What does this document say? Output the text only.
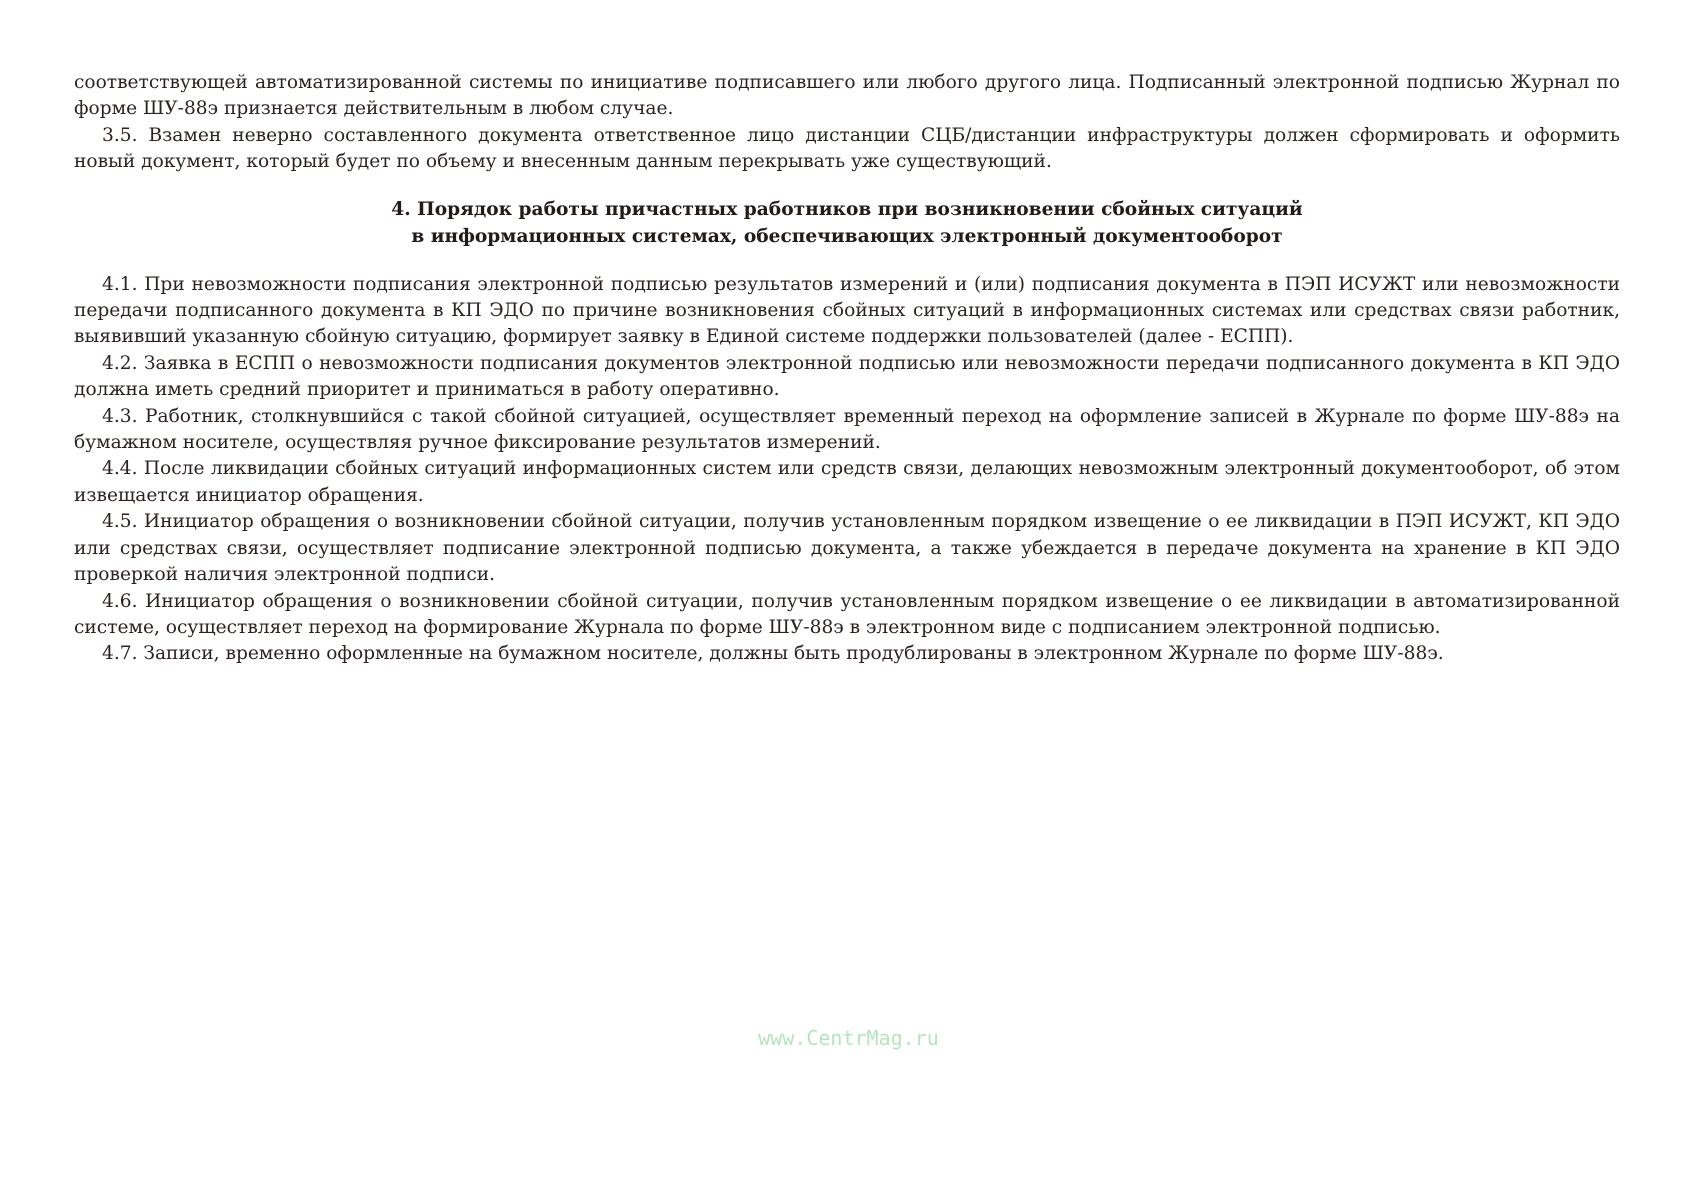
соответствующей автоматизированной системы по инициативе подписавшего или любого другого лица. Подписанный электронной подписью Журнал по форме ШУ-88э признается действительным в любом случае.

3.5. Взамен неверно составленного документа ответственное лицо дистанции СЦБ/дистанции инфраструктуры должен сформировать и оформить новый документ, который будет по объему и внесенным данным перекрывать уже существующий.

4. Порядок работы причастных работников при возникновении сбойных ситуаций
в информационных системах, обеспечивающих электронный документооборот

4.1. При невозможности подписания электронной подписью результатов измерений и (или) подписания документа в ПЭП ИСУЖТ или невозможности передачи подписанного документа в КП ЭДО по причине возникновения сбойных ситуаций в информационных системах или средствах связи работник, выявивший указанную сбойную ситуацию, формирует заявку в Единой системе поддержки пользователей (далее - ЕСПП).

4.2. Заявка в ЕСПП о невозможности подписания документов электронной подписью или невозможности передачи подписанного документа в КП ЭДО должна иметь средний приоритет и приниматься в работу оперативно.

4.3. Работник, столкнувшийся с такой сбойной ситуацией, осуществляет временный переход на оформление записей в Журнале по форме ШУ-88э на бумажном носителе, осуществляя ручное фиксирование результатов измерений.

4.4. После ликвидации сбойных ситуаций информационных систем или средств связи, делающих невозможным электронный документооборот, об этом извещается инициатор обращения.

4.5. Инициатор обращения о возникновении сбойной ситуации, получив установленным порядком извещение о ее ликвидации в ПЭП ИСУЖТ, КП ЭДО или средствах связи, осуществляет подписание электронной подписью документа, а также убеждается в передаче документа на хранение в КП ЭДО проверкой наличия электронной подписи.

4.6. Инициатор обращения о возникновении сбойной ситуации, получив установленным порядком извещение о ее ликвидации в автоматизированной системе, осуществляет переход на формирование Журнала по форме ШУ-88э в электронном виде с подписанием электронной подписью.

4.7. Записи, временно оформленные на бумажном носителе, должны быть продублированы в электронном Журнале по форме ШУ-88э.

www.CentrMag.ru
